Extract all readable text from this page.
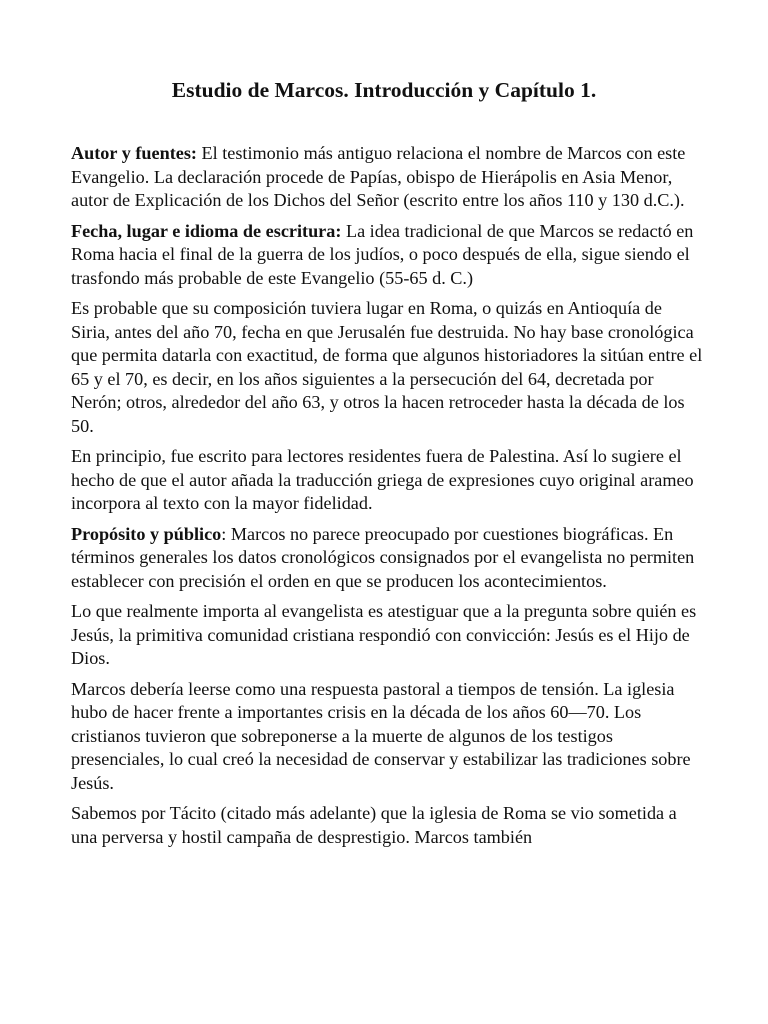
Estudio de Marcos. Introducción y Capítulo 1.

Autor y fuentes: El testimonio más antiguo relaciona el nombre de Marcos con este Evangelio. La declaración procede de Papías, obispo de Hierápolis en Asia Menor, autor de Explicación de los Dichos del Señor (escrito entre los años 110 y 130 d.C.).

Fecha, lugar e idioma de escritura: La idea tradicional de que Marcos se redactó en Roma hacia el final de la guerra de los judíos, o poco después de ella, sigue siendo el trasfondo más probable de este Evangelio (55-65 d. C.)

Es probable que su composición tuviera lugar en Roma, o quizás en Antioquía de Siria, antes del año 70, fecha en que Jerusalén fue destruida. No hay base cronológica que permita datarla con exactitud, de forma que algunos historiadores la sitúan entre el 65 y el 70, es decir, en los años siguientes a la persecución del 64, decretada por Nerón; otros, alrededor del año 63, y otros la hacen retroceder hasta la década de los 50.

En principio, fue escrito para lectores residentes fuera de Palestina. Así lo sugiere el hecho de que el autor añada la traducción griega de expresiones cuyo original arameo incorpora al texto con la mayor fidelidad.

Propósito y público: Marcos no parece preocupado por cuestiones biográficas. En términos generales los datos cronológicos consignados por el evangelista no permiten establecer con precisión el orden en que se producen los acontecimientos.

Lo que realmente importa al evangelista es atestiguar que a la pregunta sobre quién es Jesús, la primitiva comunidad cristiana respondió con convicción: Jesús es el Hijo de Dios.

Marcos debería leerse como una respuesta pastoral a tiempos de tensión. La iglesia hubo de hacer frente a importantes crisis en la década de los años 60—70. Los cristianos tuvieron que sobreponerse a la muerte de algunos de los testigos presenciales, lo cual creó la necesidad de conservar y estabilizar las tradiciones sobre Jesús.

Sabemos por Tácito (citado más adelante) que la iglesia de Roma se vio sometida a una perversa y hostil campaña de desprestigio. Marcos también
